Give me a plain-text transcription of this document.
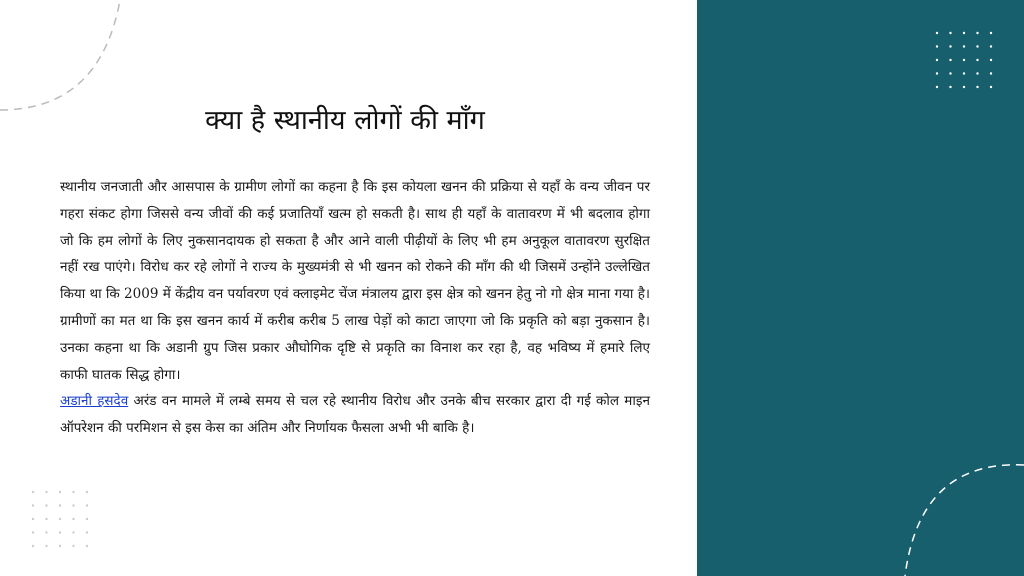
क्या है स्थानीय लोगों की माँग

स्थानीय जनजाती और आसपास के ग्रामीण लोगों का कहना है कि इस कोयला खनन की प्रक्रिया से यहाँ के वन्य जीवन पर गहरा संकट होगा जिससे वन्य जीवों की कई प्रजातियाँ खत्म हो सकती है। साथ ही यहाँ के वातावरण में भी बदलाव होगा जो कि हम लोगों के लिए नुकसानदायक हो सकता है और आने वाली पीढ़ीयों के लिए भी हम अनुकूल वातावरण सुरक्षित नहीं रख पाएंगे। विरोध कर रहे लोगों ने राज्य के मुख्यमंत्री से भी खनन को रोकने की माँग की थी जिसमें उन्होंने उल्लेखित किया था कि 2009 में केंद्रीय वन पर्यावरण एवं क्लाइमेट चेंज मंत्रालय द्वारा इस क्षेत्र को खनन हेतु नो गो क्षेत्र माना गया है। ग्रामीणों का मत था कि इस खनन कार्य में करीब करीब 5 लाख पेड़ों को काटा जाएगा जो कि प्रकृति को बड़ा नुकसान है। उनका कहना था कि अडानी ग्रुप जिस प्रकार औघोगिक दृष्टि से प्रकृति का विनाश कर रहा है, वह भविष्य में हमारे लिए काफी घातक सिद्ध होगा।

अडानी हसदेव अरंड वन मामले में लम्बे समय से चल रहे स्थानीय विरोध और उनके बीच सरकार द्वारा दी गई कोल माइन ऑपरेशन की परमिशन से इस केस का अंतिम और निर्णायक फैसला अभी भी बाकि है।
